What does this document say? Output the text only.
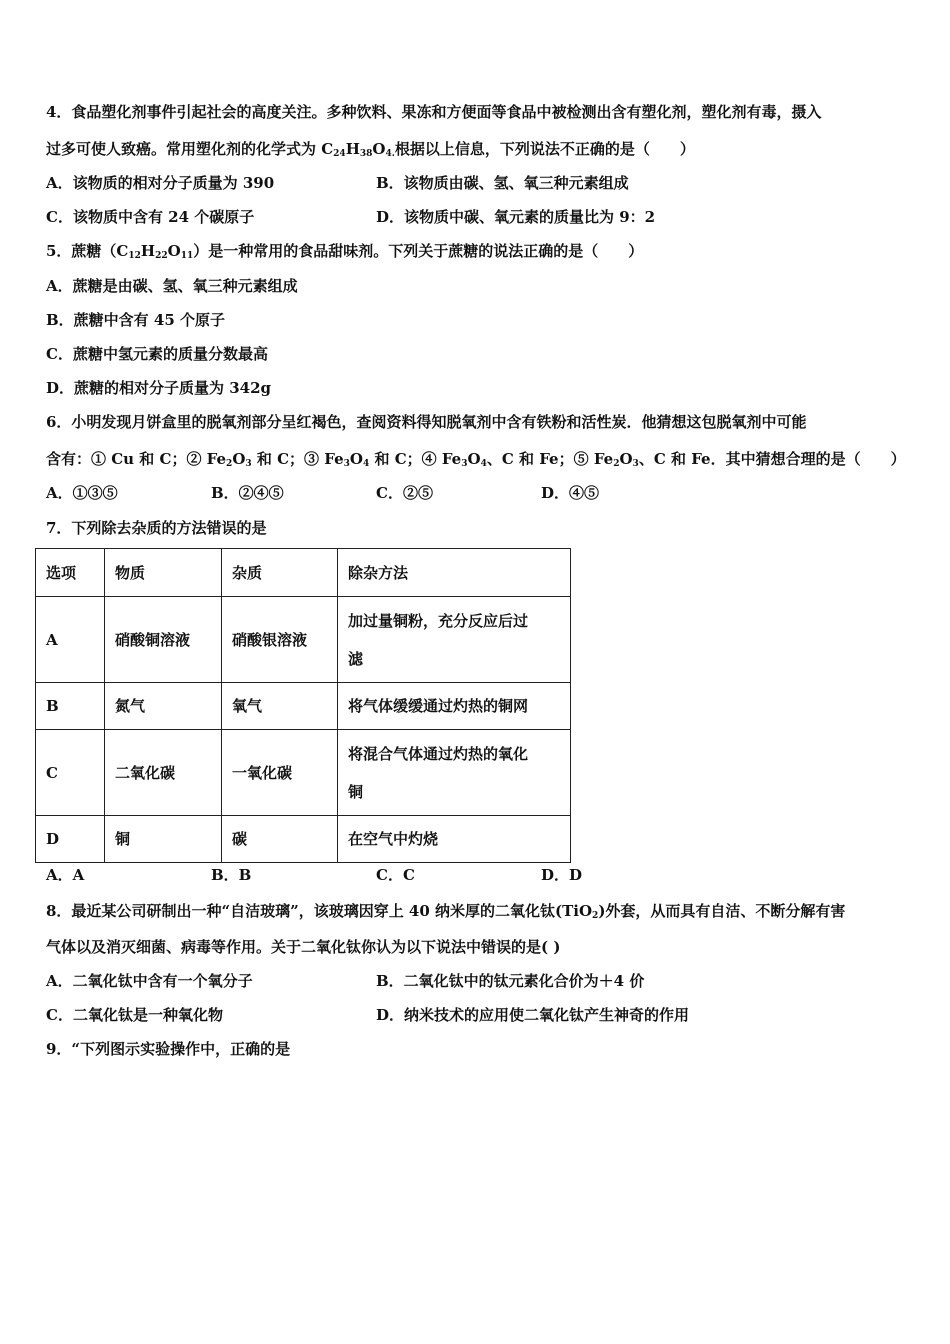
4．食品塑化剂事件引起社会的高度关注。多种饮料、果冻和方便面等食品中被检测出含有塑化剂，塑化剂有毒，摄入
过多可使人致癌。常用塑化剂的化学式为 $C_{24}H_{38}O_{4.}$根据以上信息，下列说法不正确的是（　　）
A．该物质的相对分子质量为 390	B．该物质由碳、氢、氧三种元素组成
C．该物质中含有 24 个碳原子	D．该物质中碳、氧元素的质量比为 9：2
5．蔗糖$(C_{12}H_{22}O_{11})$是一种常用的食品甜味剂。下列关于蔗糖的说法正确的是（　　）
A．蔗糖是由碳、氢、氧三种元素组成
B．蔗糖中含有 45 个原子
C．蔗糖中氢元素的质量分数最高
D．蔗糖的相对分子质量为 342g
6．小明发现月饼盒里的脱氧剂部分呈红褐色，查阅资料得知脱氧剂中含有铁粉和活性炭．他猜想这包脱氧剂中可能
含有：① Cu 和 C；② $Fe_2O_3$ 和 C；③ $Fe_3O_4$ 和 C；④ $Fe_3O_4$、C 和 Fe；⑤ $Fe_2O_3$、C 和 Fe．其中猜想合理的是（　　）
A．①③⑤	B．②④⑤	C．②⑤	D．④⑤
7．下列除去杂质的方法错误的是
选项	物质	杂质	除杂方法
A	硝酸铜溶液	硝酸银溶液	加过量铜粉，充分反应后过
滤

B	氮气	氧气	将气体缓缓通过灼热的铜网
C	二氧化碳	一氧化碳	将混合气体通过灼热的氧化
铜

D	铜	碳	在空气中灼烧
A．A	B．B	C．C	D．D
8．最近某公司研制出一种“自洁玻璃”，该玻璃因穿上 40 纳米厚的二氧化钛(TiO$_2$)外套，从而具有自洁、不断分解有害
气体以及消灭细菌、病毒等作用。关于二氧化钛你认为以下说法中错误的是( )
A．二氧化钛中含有一个氧分子	B．二氧化钛中的钛元素化合价为＋4 价
C．二氧化钛是一种氧化物	D．纳米技术的应用使二氧化钛产生神奇的作用
9．“下列图示实验操作中，正确的是
